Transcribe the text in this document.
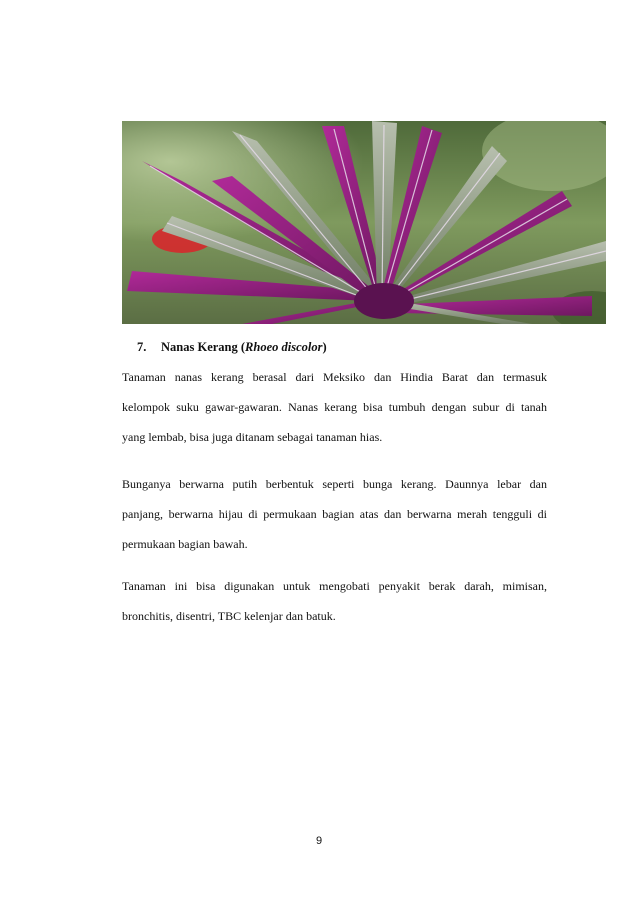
7. Nanas Kerang (Rhoeo discolor)

Tanaman nanas kerang berasal dari Meksiko dan Hindia Barat dan termasuk
kelompok suku gawar-gawaran. Nanas kerang bisa tumbuh dengan subur di tanah
yang lembab, bisa juga ditanam sebagai tanaman hias.

Bunganya berwarna putih berbentuk seperti bunga kerang. Daunnya lebar dan
panjang, berwarna hijau di permukaan bagian atas dan berwarna merah tengguli di
permukaan bagian bawah.

Tanaman ini bisa digunakan untuk mengobati penyakit berak darah, mimisan,
bronchitis, disentri, TBC kelenjar dan batuk.

9
